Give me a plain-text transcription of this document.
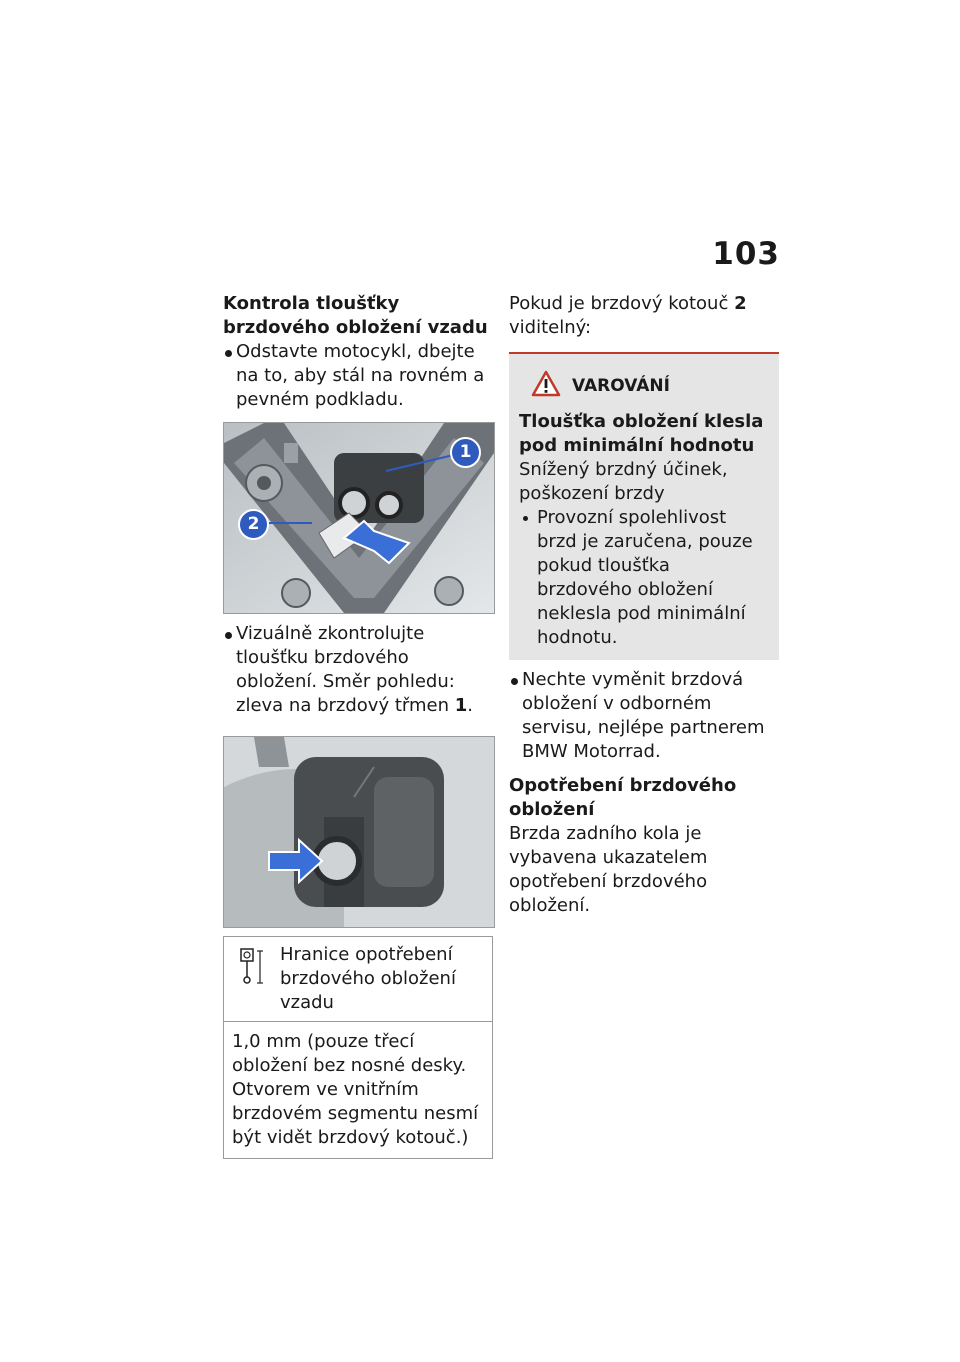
103

Kontrola tloušťky brzdového obložení vzadu

Odstavte motocykl, dbejte na to, aby stál na rovném a pevném podkladu.
1
2
Vizuálně zkontrolujte tloušťku brzdového obložení. Směr pohledu: zleva na brzdový třmen 1.
Hranice opotřebení brzdového obložení vzadu
1,0 mm (pouze třecí obložení bez nosné desky. Otvorem ve vnitřním brzdovém segmentu nesmí být vidět brzdový kotouč.)

Pokud je brzdový kotouč 2 viditelný:

VAROVÁNÍ

Tloušťka obložení klesla pod minimální hodnotu

Snížený brzdný účinek, poškození brzdy

Provozní spolehlivost brzd je zaručena, pouze pokud tloušťka brzdového obložení neklesla pod minimální hodnotu.
Nechte vyměnit brzdová obložení v odborném servisu, nejlépe partnerem BMW Motorrad.

Opotřebení brzdového obložení

Brzda zadního kola je vybavena ukazatelem opotřebení brzdového obložení.
